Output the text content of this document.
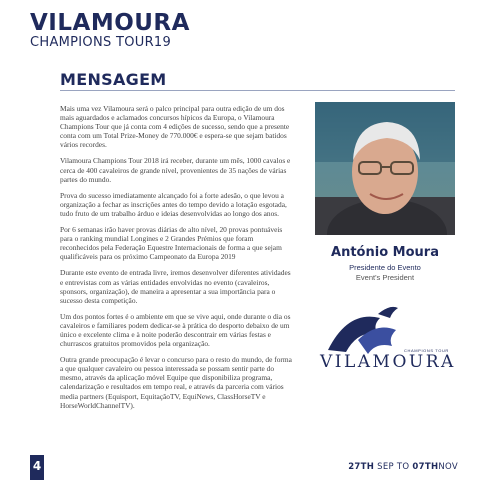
VILAMOURA
CHAMPIONS TOUR19
MENSAGEM

Mais uma vez Vilamoura será o palco principal para outra edição de um dos mais aguardados e aclamados concursos hípicos da Europa, o Vilamoura Champions Tour que já conta com 4 edições de sucesso, sendo que a presente conta com um Total Prize-Money de 770.000€ e espera-se que sejam batidos vários recordes.

Vilamoura Champions Tour 2018 irá receber, durante um mês, 1000 cavalos e cerca de 400 cavaleiros de grande nível, provenientes de 35 nações de várias partes do mundo.

Prova do sucesso imediatamente alcançado foi a forte adesão, o que levou a organização a fechar as inscrições antes do tempo devido a lotação esgotada, tudo fruto de um trabalho árduo e ideias desenvolvidas ao longo dos anos.

Por 6 semanas irão haver provas diárias de alto nível, 20 provas pontuáveis para o ranking mundial Longines e 2 Grandes Prémios que foram reconhecidos pela Federação Equestre Internacionais de forma a que sejam qualificáveis para os próximo Campeonato da Europa 2019

Durante este evento de entrada livre, iremos desenvolver diferentes atividades e entrevistas com as várias entidades envolvidas no evento (cavaleiros, sponsors, organização), de maneira a apresentar a sua importância para o sucesso desta competição.

Um dos pontos fortes é o ambiente em que se vive aqui, onde durante o dia os cavaleiros e familiares podem dedicar-se à prática do desporto debaixo de um único e excelente clima e à noite poderão descontrair em várias festas e churrascos gratuitos promovidos pela organização.

Outra grande preocupação é levar o concurso para o resto do mundo, de forma a que qualquer cavaleiro ou pessoa interessada se possam sentir parte do mesmo, através da aplicação móvel Equipe que disponibiliza programa, calendarização e resultados em tempo real, e através da parceria com vários media partners (Equisport, EquitaçãoTV, EquiNews, ClassHorseTV e HorseWorldChannelTV).

António Moura
Presidente do Evento
Event's President
CHAMPIONS TOUR
VILAMOURA
4	27TH SEP TO 07THNOV
